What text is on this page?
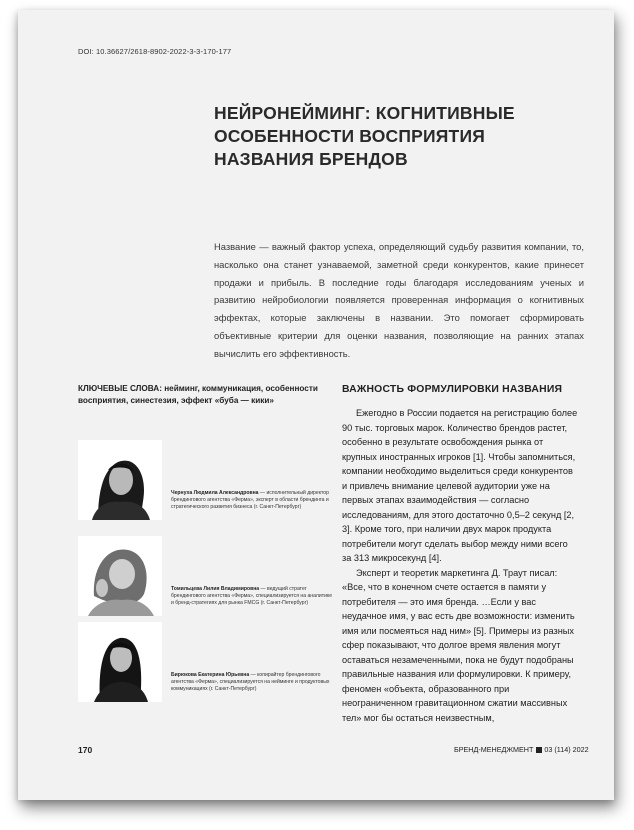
DOI: 10.36627/2618-8902-2022-3-3-170-177
НЕЙРОНЕЙМИНГ: КОГНИТИВНЫЕ ОСОБЕННОСТИ ВОСПРИЯТИЯ НАЗВАНИЯ БРЕНДОВ

Название — важный фактор успеха, определяющий судьбу развития компании, то, насколько она станет узнаваемой, заметной среди конкурентов, какие принесет продажи и прибыль. В последние годы благодаря исследованиям ученых и развитию нейробиологии появляется проверенная информация о когнитивных эффектах, которые заключены в названии. Это помогает сформировать объективные критерии для оценки названия, позволяющие на ранних этапах вычислить его эффективность.

КЛЮЧЕВЫЕ СЛОВА: нейминг, коммуникация, особенности восприятия, синестезия, эффект «буба — кики»

Чернуха Людмила Александровна — исполнительный директор брендингового агентства «Ферма», эксперт в области брендинга и стратегического развития бизнеса (г. Санкт-Петербург)

Томильцева Лилия Владимировна — ведущий стратег брендингового агентства «Ферма», специализируется на аналитике и бренд-стратегиях для рынка FMCG (г. Санкт-Петербург)

Бирюкова Екатерина Юрьевна — копирайтер брендингового агентства «Ферма», специализируется на нейминге и продуктовых коммуникациях (г. Санкт-Петербург)

ВАЖНОСТЬ ФОРМУЛИРОВКИ НАЗВАНИЯ

Ежегодно в России подается на регистрацию более 90 тыс. торговых марок. Количество брендов растет, особенно в результате освобождения рынка от крупных иностранных игроков [1]. Чтобы запомниться, компании необходимо выделиться среди конкурентов и привлечь внимание целевой аудитории уже на первых этапах взаимодействия — согласно исследованиям, для этого достаточно 0,5–2 секунд [2, 3]. Кроме того, при наличии двух марок продукта потребители могут сделать выбор между ними всего за 313 микросекунд [4].

Эксперт и теоретик маркетинга Д. Траут писал: «Все, что в конечном счете остается в памяти у потребителя — это имя бренда. …Если у вас неудачное имя, у вас есть две возможности: изменить имя или посмеяться над ним» [5]. Примеры из разных сфер показывают, что долгое время явления могут оставаться незамеченными, пока не будут подобраны правильные названия или формулировки. К примеру, феномен «объекта, образованного при неограниченном гравитационном сжатии массивных тел» мог бы остаться неизвестным,

170	БРЕНД-МЕНЕДЖМЕНТ 03 (114) 2022
